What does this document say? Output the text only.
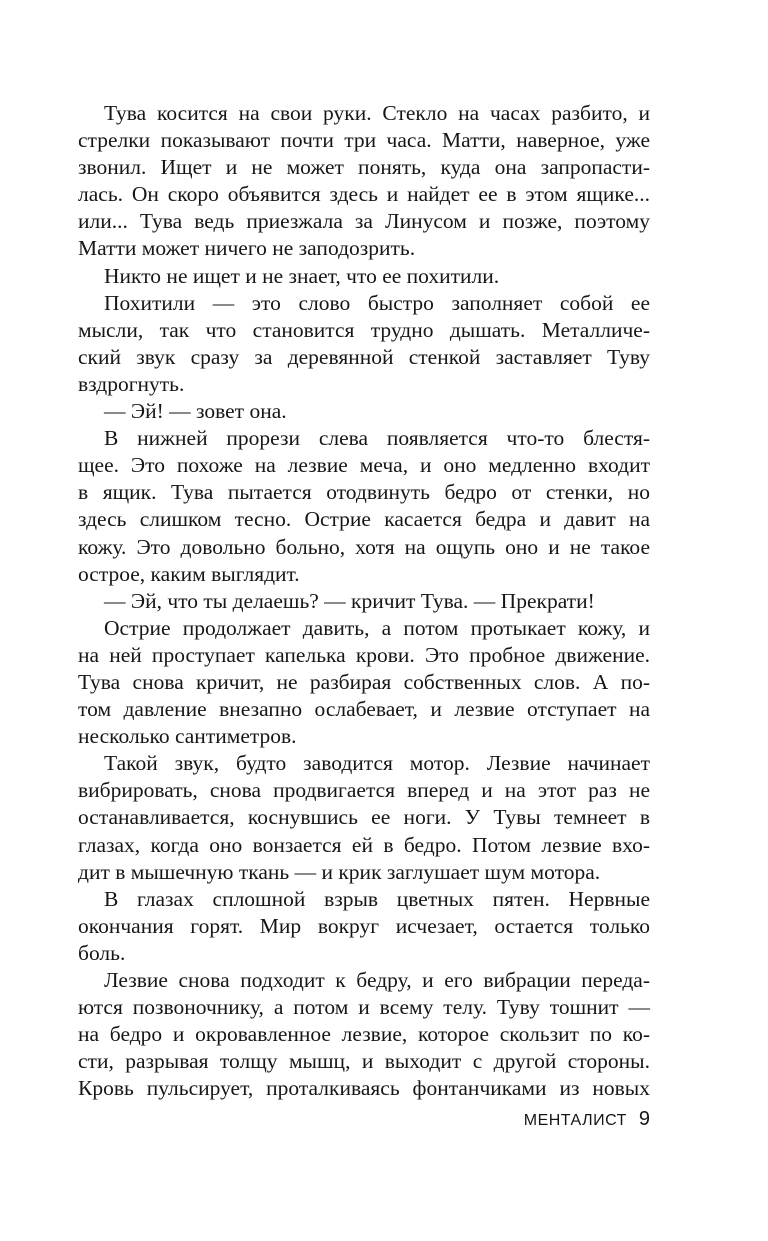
Тува косится на свои руки. Стекло на часах разбито, и
стрелки показывают почти три часа. Матти, наверное, уже
звонил. Ищет и не может понять, куда она запропасти-
лась. Он скоро объявится здесь и найдет ее в этом ящике...
или... Тува ведь приезжала за Линусом и позже, поэтому
Матти может ничего не заподозрить.
Никто не ищет и не знает, что ее похитили.
Похитили — это слово быстро заполняет собой ее
мысли, так что становится трудно дышать. Металличе-
ский звук сразу за деревянной стенкой заставляет Туву
вздрогнуть.
— Эй! — зовет она.
В нижней прорези слева появляется что-то блестя-
щее. Это похоже на лезвие меча, и оно медленно входит
в ящик. Тува пытается отодвинуть бедро от стенки, но
здесь слишком тесно. Острие касается бедра и давит на
кожу. Это довольно больно, хотя на ощупь оно и не такое
острое, каким выглядит.
— Эй, что ты делаешь? — кричит Тува. — Прекрати!
Острие продолжает давить, а потом протыкает кожу, и
на ней проступает капелька крови. Это пробное движение.
Тува снова кричит, не разбирая собственных слов. А по-
том давление внезапно ослабевает, и лезвие отступает на
несколько сантиметров.
Такой звук, будто заводится мотор. Лезвие начинает
вибрировать, снова продвигается вперед и на этот раз не
останавливается, коснувшись ее ноги. У Тувы темнеет в
глазах, когда оно вонзается ей в бедро. Потом лезвие вхо-
дит в мышечную ткань — и крик заглушает шум мотора.
В глазах сплошной взрыв цветных пятен. Нервные
окончания горят. Мир вокруг исчезает, остается только
боль.
Лезвие снова подходит к бедру, и его вибрации переда-
ются позвоночнику, а потом и всему телу. Туву тошнит —
на бедро и окровавленное лезвие, которое скользит по ко-
сти, разрывая толщу мышц, и выходит с другой стороны.
Кровь пульсирует, проталкиваясь фонтанчиками из новых
МЕНТАЛИСТ 9
